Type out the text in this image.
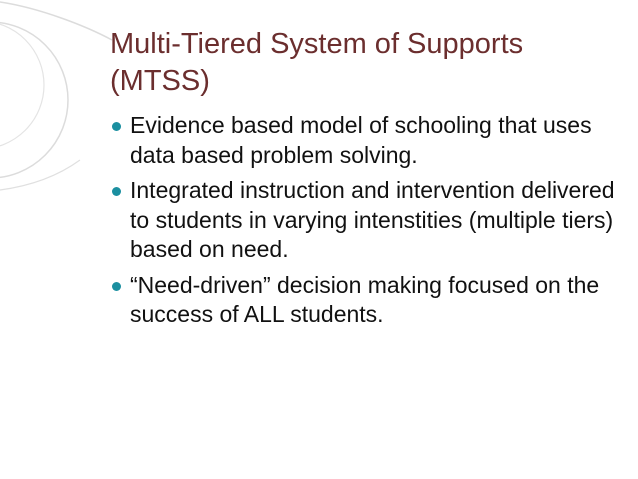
Multi-Tiered System of Supports (MTSS)
Evidence based model of schooling that uses data based problem solving.
Integrated instruction and intervention delivered to students in varying intenstities (multiple tiers) based on need.
“Need-driven” decision making focused on the success of ALL students.
